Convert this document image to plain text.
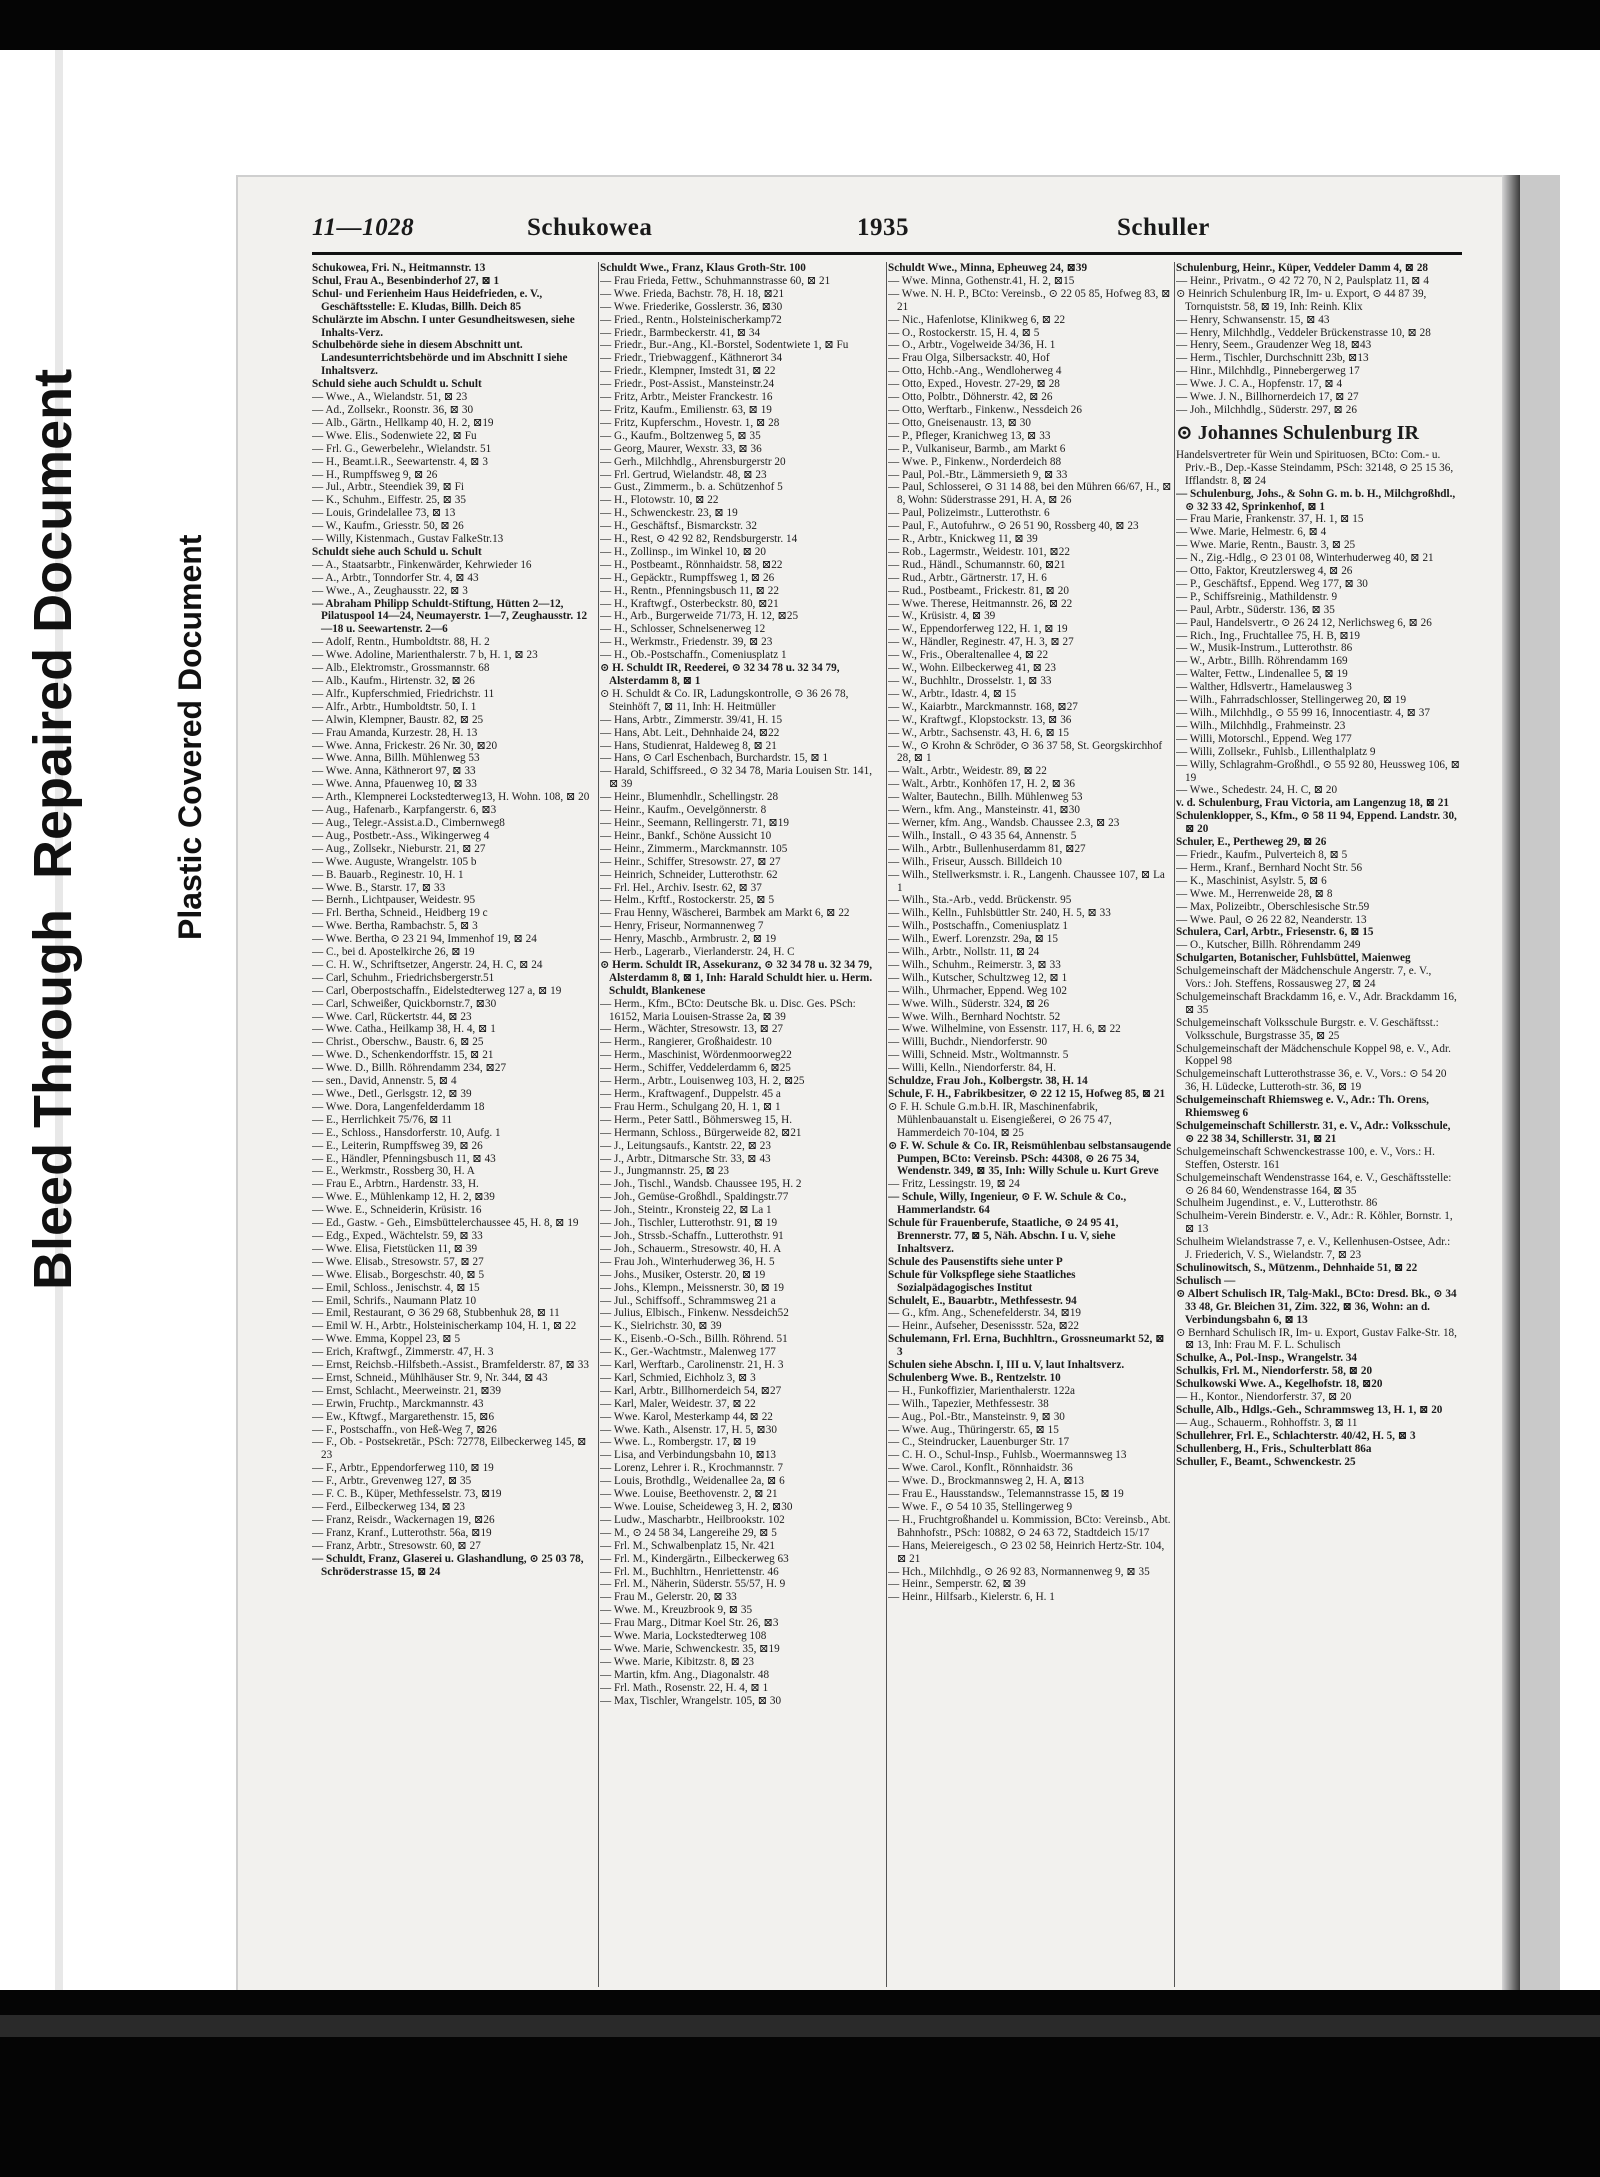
Bleed Through  Repaired Document	Plastic Covered Document
11—1028	Schukowea	1935	Schuller

Schukowea, Fri. N., Heitmannstr. 13

Schul, Frau A., Besenbinderhof 27, ⊠ 1

Schul- und Ferienheim Haus Heidefrieden, e. V., Geschäftsstelle: E. Kludas, Billh. Deich 85

Schulärzte im Abschn. I unter Gesundheitswesen, siehe Inhalts-Verz.

Schulbehörde siehe in diesem Abschnitt unt. Landesunterrichtsbehörde und im Abschnitt I siehe Inhaltsverz.

Schuld siehe auch Schuldt u. Schult

— Wwe., A., Wielandstr. 51, ⊠ 23

— Ad., Zollsekr., Roonstr. 36, ⊠ 30

— Alb., Gärtn., Hellkamp 40, H. 2, ⊠19

— Wwe. Elis., Sodenwiete 22, ⊠ Fu

— Frl. G., Gewerbelehr., Wielandstr. 51

— H., Beamt.i.R., Seewartenstr. 4, ⊠ 3

— H., Rumpffsweg 9, ⊠ 26

— Jul., Arbtr., Steendiek 39, ⊠ Fi

— K., Schuhm., Eiffestr. 25, ⊠ 35

— Louis, Grindelallee 73, ⊠ 13

— W., Kaufm., Griesstr. 50, ⊠ 26

— Willy, Kistenmach., Gustav FalkeStr.13

Schuldt siehe auch Schuld u. Schult

— A., Staatsarbtr., Finkenwärder, Kehrwieder 16

— A., Arbtr., Tonndorfer Str. 4, ⊠ 43

— Wwe., A., Zeughausstr. 22, ⊠ 3

— Abraham Philipp Schuldt-Stiftung, Hütten 2—12, Pilatuspool 14—24, Neumayerstr. 1—7, Zeughausstr. 12—18 u. Seewartenstr. 2—6

— Adolf, Rentn., Humboldtstr. 88, H. 2

— Wwe. Adoline, Marienthalerstr. 7 b, H. 1, ⊠ 23

— Alb., Elektromstr., Grossmannstr. 68

— Alb., Kaufm., Hirtenstr. 32, ⊠ 26

— Alfr., Kupferschmied, Friedrichstr. 11

— Alfr., Arbtr., Humboldtstr. 50, I. 1

— Alwin, Klempner, Baustr. 82, ⊠ 25

— Frau Amanda, Kurzestr. 28, H. 13

— Wwe. Anna, Frickestr. 26 Nr. 30, ⊠20

— Wwe. Anna, Billh. Mühlenweg 53

— Wwe. Anna, Käthnerort 97, ⊠ 33

— Wwe. Anna, Pfauenweg 10, ⊠ 33

— Arth., Klempnerei Lockstedterweg13, H. Wohn. 108, ⊠ 20

— Aug., Hafenarb., Karpfangerstr. 6, ⊠3

— Aug., Telegr.-Assist.a.D., Cimbernweg8

— Aug., Postbetr.-Ass., Wikingerweg 4

— Aug., Zollsekr., Nieburstr. 21, ⊠ 27

— Wwe. Auguste, Wrangelstr. 105 b

— B. Bauarb., Reginestr. 10, H. 1

— Wwe. B., Starstr. 17, ⊠ 33

— Bernh., Lichtpauser, Weidestr. 95

— Frl. Bertha, Schneid., Heidberg 19 c

— Wwe. Bertha, Rambachstr. 5, ⊠ 3

— Wwe. Bertha, ⊙ 23 21 94, Immenhof 19, ⊠ 24

— C., bei d. Apostelkirche 26, ⊠ 19

— C. H. W., Schriftsetzer, Angerstr. 24, H. C, ⊠ 24

— Carl, Schuhm., Friedrichsbergerstr.51

— Carl, Oberpostschaffn., Eidelstedterweg 127 a, ⊠ 19

— Carl, Schweißer, Quickbornstr.7, ⊠30

— Wwe. Carl, Rückertstr. 44, ⊠ 23

— Wwe. Catha., Heilkamp 38, H. 4, ⊠ 1

— Christ., Oberschw., Baustr. 6, ⊠ 25

— Wwe. D., Schenkendorffstr. 15, ⊠ 21

— Wwe. D., Billh. Röhrendamm 234, ⊠27

— sen., David, Annenstr. 5, ⊠ 4

— Wwe., Detl., Gerlsgstr. 12, ⊠ 39

— Wwe. Dora, Langenfelderdamm 18

— E., Herrlichkeit 75/76, ⊠ 11

— E., Schloss., Hansdorferstr. 10, Aufg. 1

— E., Leiterin, Rumpffsweg 39, ⊠ 26

— E., Händler, Pfenningsbusch 11, ⊠ 43

— E., Werkmstr., Rossberg 30, H. A

— Frau E., Arbtrn., Hardenstr. 33, H.

— Wwe. E., Mühlenkamp 12, H. 2, ⊠39

— Wwe. E., Schneiderin, Krüsistr. 16

— Ed., Gastw. - Geh., Eimsbüttelerchaussee 45, H. 8, ⊠ 19

— Edg., Exped., Wächtelstr. 59, ⊠ 33

— Wwe. Elisa, Fietstücken 11, ⊠ 39

— Wwe. Elisab., Stresowstr. 57, ⊠ 27

— Wwe. Elisab., Borgeschstr. 40, ⊠ 5

— Emil, Schloss., Jenischstr. 4, ⊠ 15

— Emil, Schrifs., Naumann Platz 10

— Emil, Restaurant, ⊙ 36 29 68, Stubbenhuk 28, ⊠ 11

— Emil W. H., Arbtr., Holsteinischerkamp 104, H. 1, ⊠ 22

— Wwe. Emma, Koppel 23, ⊠ 5

— Erich, Kraftwgf., Zimmerstr. 47, H. 3

— Ernst, Reichsb.-Hilfsbeth.-Assist., Bramfelderstr. 87, ⊠ 33

— Ernst, Schneid., Mühlhäuser Str. 9, Nr. 344, ⊠ 43

— Ernst, Schlacht., Meerweinstr. 21, ⊠39

— Erwin, Fruchtp., Marckmannstr. 43

— Ew., Kftwgf., Margarethenstr. 15, ⊠6

— F., Postschaffn., von Heß-Weg 7, ⊠26

— F., Ob. - Postsekretär., PSch: 72778, Eilbeckerweg 145, ⊠ 23

— F., Arbtr., Eppendorferweg 110, ⊠ 19

— F., Arbtr., Grevenweg 127, ⊠ 35

— F. C. B., Küper, Methfesselstr. 73, ⊠19

— Ferd., Eilbeckerweg 134, ⊠ 23

— Franz, Reisdr., Wackernagen 19, ⊠26

— Franz, Kranf., Lutterothstr. 56a, ⊠19

— Franz, Arbtr., Stresowstr. 60, ⊠ 27

— Schuldt, Franz, Glaserei u. Glashandlung, ⊙ 25 03 78, Schröderstrasse 15, ⊠ 24

Schuldt Wwe., Franz, Klaus Groth-Str. 100

— Frau Frieda, Fettw., Schuhmannstrasse 60, ⊠ 21

— Wwe. Frieda, Bachstr. 78, H. 18, ⊠21

— Wwe. Friederike, Gosslerstr. 36, ⊠30

— Fried., Rentn., Holsteinischerkamp72

— Friedr., Barmbeckerstr. 41, ⊠ 34

— Friedr., Bur.-Ang., Kl.-Borstel, Sodentwiete 1, ⊠ Fu

— Friedr., Triebwaggenf., Käthnerort 34

— Friedr., Klempner, Imstedt 31, ⊠ 22

— Friedr., Post-Assist., Mansteinstr.24

— Fritz, Arbtr., Meister Franckestr. 16

— Fritz, Kaufm., Emilienstr. 63, ⊠ 19

— Fritz, Kupferschm., Hovestr. 1, ⊠ 28

— G., Kaufm., Boltzenweg 5, ⊠ 35

— Georg, Maurer, Wexstr. 33, ⊠ 36

— Gerh., Milchhdlg., Ahrensburgerstr 20

— Frl. Gertrud, Wielandstr. 48, ⊠ 23

— Gust., Zimmerm., b. a. Schützenhof 5

— H., Flotowstr. 10, ⊠ 22

— H., Schwenckestr. 23, ⊠ 19

— H., Geschäftsf., Bismarckstr. 32

— H., Rest, ⊙ 42 92 82, Rendsburgerstr. 14

— H., Zollinsp., im Winkel 10, ⊠ 20

— H., Postbeamt., Rönnhaidstr. 58, ⊠22

— H., Gepäcktr., Rumpffsweg 1, ⊠ 26

— H., Rentn., Pfenningsbusch 11, ⊠ 22

— H., Kraftwgf., Osterbeckstr. 80, ⊠21

— H., Arb., Burgerweide 71/73, H. 12, ⊠25

— H., Schlosser, Schnelsenerweg 12

— H., Werkmstr., Friedenstr. 39, ⊠ 23

— H., Ob.-Postschaffn., Comeniusplatz 1

⊙ H. Schuldt IR, Reederei, ⊙ 32 34 78 u. 32 34 79, Alsterdamm 8, ⊠ 1

⊙ H. Schuldt & Co. IR, Ladungskontrolle, ⊙ 36 26 78, Steinhöft 7, ⊠ 11, Inh: H. Heitmüller

— Hans, Arbtr., Zimmerstr. 39/41, H. 15

— Hans, Abt. Leit., Dehnhaide 24, ⊠22

— Hans, Studienrat, Haldeweg 8, ⊠ 21

— Hans, ⊙ Carl Eschenbach, Burchardstr. 15, ⊠ 1

— Harald, Schiffsreed., ⊙ 32 34 78, Maria Louisen Str. 141, ⊠ 39

— Heinr., Blumenhdlr., Schellingstr. 28

— Heinr., Kaufm., Oevelgönnerstr. 8

— Heinr., Seemann, Rellingerstr. 71, ⊠19

— Heinr., Bankf., Schöne Aussicht 10

— Heinr., Zimmerm., Marckmannstr. 105

— Heinr., Schiffer, Stresowstr. 27, ⊠ 27

— Heinrich, Schneider, Lutterothstr. 62

— Frl. Hel., Archiv. Isestr. 62, ⊠ 37

— Helm., Krftf., Rostockerstr. 25, ⊠ 5

— Frau Henny, Wäscherei, Barmbek am Markt 6, ⊠ 22

— Henry, Friseur, Normannenweg 7

— Henry, Maschb., Armbrustr. 2, ⊠ 19

— Herb., Lagerarb., Vierlanderstr. 24, H. C

⊙ Herm. Schuldt IR, Assekuranz, ⊙ 32 34 78 u. 32 34 79, Alsterdamm 8, ⊠ 1, Inh: Harald Schuldt hier. u. Herm. Schuldt, Blankenese

— Herm., Kfm., BCto: Deutsche Bk. u. Disc. Ges. PSch: 16152, Maria Louisen-Strasse 2a, ⊠ 39

— Herm., Wächter, Stresowstr. 13, ⊠ 27

— Herm., Rangierer, Großhaidestr. 10

— Herm., Maschinist, Wördenmoorweg22

— Herm., Schiffer, Veddelerdamm 6, ⊠25

— Herm., Arbtr., Louisenweg 103, H. 2, ⊠25

— Herm., Kraftwagenf., Duppelstr. 45 a

— Frau Herm., Schulgang 20, H. 1, ⊠ 1

— Herm., Peter Sattl., Böhmersweg 15, H.

— Hermann, Schloss., Bürgerweide 82, ⊠21

— J., Leitungsaufs., Kantstr. 22, ⊠ 23

— J., Arbtr., Ditmarsche Str. 33, ⊠ 43

— J., Jungmannstr. 25, ⊠ 23

— Joh., Tischl., Wandsb. Chaussee 195, H. 2

— Joh., Gemüse-Großhdl., Spaldingstr.77

— Joh., Steintr., Kronsteig 22, ⊠ La 1

— Joh., Tischler, Lutterothstr. 91, ⊠ 19

— Joh., Strssb.-Schaffn., Lutterothstr. 91

— Joh., Schauerm., Stresowstr. 40, H. A

— Frau Joh., Winterhuderweg 36, H. 5

— Johs., Musiker, Osterstr. 20, ⊠ 19

— Johs., Klempn., Meissnerstr. 30, ⊠ 19

— Jul., Schiffsoff., Schrammsweg 21 a

— Julius, Elbisch., Finkenw. Nessdeich52

— K., Sielrichstr. 30, ⊠ 39

— K., Eisenb.-O-Sch., Billh. Röhrend. 51

— K., Ger.-Wachtmstr., Malenweg 177

— Karl, Werftarb., Carolinenstr. 21, H. 3

— Karl, Schmied, Eichholz 3, ⊠ 3

— Karl, Arbtr., Billhornerdeich 54, ⊠27

— Karl, Maler, Weidestr. 37, ⊠ 22

— Wwe. Karol, Mesterkamp 44, ⊠ 22

— Wwe. Kath., Alsenstr. 17, H. 5, ⊠30

— Wwe. L., Rombergstr. 17, ⊠ 19

— Lisa, and Verbindungsbahn 10, ⊠13

— Lorenz, Lehrer i. R., Krochmannstr. 7

— Louis, Brothdlg., Weidenallee 2a, ⊠ 6

— Wwe. Louise, Beethovenstr. 2, ⊠ 21

— Wwe. Louise, Scheideweg 3, H. 2, ⊠30

— Ludw., Mascharbtr., Heilbrookstr. 102

— M., ⊙ 24 58 34, Langereihe 29, ⊠ 5

— Frl. M., Schwalbenplatz 15, Nr. 421

— Frl. M., Kindergärtn., Eilbeckerweg 63

— Frl. M., Buchhltrn., Henriettenstr. 46

— Frl. M., Näherin, Süderstr. 55/57, H. 9

— Frau M., Gelerstr. 20, ⊠ 33

— Wwe. M., Kreuzbrook 9, ⊠ 35

— Frau Marg., Ditmar Koel Str. 26, ⊠3

— Wwe. Maria, Lockstedterweg 108

— Wwe. Marie, Schwenckestr. 35, ⊠19

— Wwe. Marie, Kibitzstr. 8, ⊠ 23

— Martin, kfm. Ang., Diagonalstr. 48

— Frl. Math., Rosenstr. 22, H. 4, ⊠ 1

— Max, Tischler, Wrangelstr. 105, ⊠ 30

Schuldt Wwe., Minna, Epheuweg 24, ⊠39

— Wwe. Minna, Gothenstr.41, H. 2, ⊠15

— Wwe. N. H. P., BCto: Vereinsb., ⊙ 22 05 85, Hofweg 83, ⊠ 21

— Nic., Hafenlotse, Klinikweg 6, ⊠ 22

— O., Rostockerstr. 15, H. 4, ⊠ 5

— O., Arbtr., Vogelweide 34/36, H. 1

— Frau Olga, Silbersackstr. 40, Hof

— Otto, Hchb.-Ang., Wendloherweg 4

— Otto, Exped., Hovestr. 27-29, ⊠ 28

— Otto, Polbtr., Döhnerstr. 42, ⊠ 26

— Otto, Werftarb., Finkenw., Nessdeich 26

— Otto, Gneisenaustr. 13, ⊠ 30

— P., Pfleger, Kranichweg 13, ⊠ 33

— P., Vulkaniseur, Barmb., am Markt 6

— Wwe. P., Finkenw., Norderdeich 88

— Paul, Pol.-Btr., Lämmersieth 9, ⊠ 33

— Paul, Schlosserei, ⊙ 31 14 88, bei den Mühren 66/67, H., ⊠ 8, Wohn: Süderstrasse 291, H. A, ⊠ 26

— Paul, Polizeimstr., Lutterothstr. 6

— Paul, F., Autofuhrw., ⊙ 26 51 90, Rossberg 40, ⊠ 23

— R., Arbtr., Knickweg 11, ⊠ 39

— Rob., Lagermstr., Weidestr. 101, ⊠22

— Rud., Händl., Schumannstr. 60, ⊠21

— Rud., Arbtr., Gärtnerstr. 17, H. 6

— Rud., Postbeamt., Frickestr. 81, ⊠ 20

— Wwe. Therese, Heitmannstr. 26, ⊠ 22

— W., Krüsistr. 4, ⊠ 39

— W., Eppendorferweg 122, H. 1, ⊠ 19

— W., Händler, Reginestr. 47, H. 3, ⊠ 27

— W., Fris., Oberaltenallee 4, ⊠ 22

— W., Wohn. Eilbeckerweg 41, ⊠ 23

— W., Buchhltr., Drosselstr. 1, ⊠ 33

— W., Arbtr., Idastr. 4, ⊠ 15

— W., Kaiarbtr., Marckmannstr. 168, ⊠27

— W., Kraftwgf., Klopstockstr. 13, ⊠ 36

— W., Arbtr., Sachsenstr. 43, H. 6, ⊠ 15

— W., ⊙ Krohn & Schröder, ⊙ 36 37 58, St. Georgskirchhof 28, ⊠ 1

— Walt., Arbtr., Weidestr. 89, ⊠ 22

— Walt., Arbtr., Konhöfen 17, H. 2, ⊠ 36

— Walter, Bautechn., Billh. Mühlenweg 53

— Wern., kfm. Ang., Mansteinstr. 41, ⊠30

— Werner, kfm. Ang., Wandsb. Chaussee 2.3, ⊠ 23

— Wilh., Install., ⊙ 43 35 64, Annenstr. 5

— Wilh., Arbtr., Bullenhuserdamm 81, ⊠27

— Wilh., Friseur, Aussch. Billdeich 10

— Wilh., Stellwerksmstr. i. R., Langenh. Chaussee 107, ⊠ La 1

— Wilh., Sta.-Arb., vedd. Brückenstr. 95

— Wilh., Kelln., Fuhlsbüttler Str. 240, H. 5, ⊠ 33

— Wilh., Postschaffn., Comeniusplatz 1

— Wilh., Ewerf. Lorenzstr. 29a, ⊠ 15

— Wilh., Arbtr., Nollstr. 11, ⊠ 24

— Wilh., Schuhm., Reimerstr. 3, ⊠ 33

— Wilh., Kutscher, Schultzweg 12, ⊠ 1

— Wilh., Uhrmacher, Eppend. Weg 102

— Wwe. Wilh., Süderstr. 324, ⊠ 26

— Wwe. Wilh., Bernhard Nochtstr. 52

— Wwe. Wilhelmine, von Essenstr. 117, H. 6, ⊠ 22

— Willi, Buchdr., Niendorferstr. 90

— Willi, Schneid. Mstr., Woltmannstr. 5

— Willi, Kelln., Niendorferstr. 84, H.

Schuldze, Frau Joh., Kolbergstr. 38, H. 14

Schule, F. H., Fabrikbesitzer, ⊙ 22 12 15, Hofweg 85, ⊠ 21

⊙ F. H. Schule G.m.b.H. IR, Maschinenfabrik, Mühlenbauanstalt u. Eisengießerei, ⊙ 26 75 47, Hammerdeich 70-104, ⊠ 25

⊙ F. W. Schule & Co. IR, Reismühlenbau selbstansaugende Pumpen, BCto: Vereinsb. PSch: 44308, ⊙ 26 75 34, Wendenstr. 349, ⊠ 35, Inh: Willy Schule u. Kurt Greve

— Fritz, Lessingstr. 19, ⊠ 24

— Schule, Willy, Ingenieur, ⊙ F. W. Schule & Co., Hammerlandstr. 64

Schule für Frauenberufe, Staatliche, ⊙ 24 95 41, Brennerstr. 77, ⊠ 5, Näh. Abschn. I u. V, siehe Inhaltsverz.

Schule des Pausenstifts siehe unter P

Schule für Volkspflege siehe Staatliches Sozialpädagogisches Institut

Schulelt, E., Bauarbtr., Methfessestr. 94

— G., kfm. Ang., Schenefelderstr. 34, ⊠19

— Heinr., Aufseher, Desenissstr. 52a, ⊠22

Schulemann, Frl. Erna, Buchhltrn., Grossneumarkt 52, ⊠ 3

Schulen siehe Abschn. I, III u. V, laut Inhaltsverz.

Schulenberg Wwe. B., Rentzelstr. 10

— H., Funkoffizier, Marienthalerstr. 122a

— Wilh., Tapezier, Methfessestr. 38

— Aug., Pol.-Btr., Mansteinstr. 9, ⊠ 30

— Wwe. Aug., Thüringerstr. 65, ⊠ 15

— C., Steindrucker, Lauenburger Str. 17

— C. H. O., Schul-Insp., Fuhlsb., Woermannsweg 13

— Wwe. Carol., Konflt., Rönnhaidstr. 36

— Wwe. D., Brockmannsweg 2, H. A, ⊠13

— Frau E., Hausstandsw., Telemannstrasse 15, ⊠ 19

— Wwe. F., ⊙ 54 10 35, Stellingerweg 9

— H., Fruchtgroßhandel u. Kommission, BCto: Vereinsb., Abt. Bahnhofstr., PSch: 10882, ⊙ 24 63 72, Stadtdeich 15/17

— Hans, Meiereigesch., ⊙ 23 02 58, Heinrich Hertz-Str. 104, ⊠ 21

— Hch., Milchhdlg., ⊙ 26 92 83, Normannenweg 9, ⊠ 35

— Heinr., Semperstr. 62, ⊠ 39

— Heinr., Hilfsarb., Kielerstr. 6, H. 1

Schulenburg, Heinr., Küper, Veddeler Damm 4, ⊠ 28

— Heinr., Privatm., ⊙ 42 72 70, N 2, Paulsplatz 11, ⊠ 4

⊙ Heinrich Schulenburg IR, Im- u. Export, ⊙ 44 87 39, Tornquiststr. 58, ⊠ 19, Inh: Reinh. Klix

— Henry, Schwansenstr. 15, ⊠ 43

— Henry, Milchhdlg., Veddeler Brückenstrasse 10, ⊠ 28

— Henry, Seem., Graudenzer Weg 18, ⊠43

— Herm., Tischler, Durchschnitt 23b, ⊠13

— Hinr., Milchhdlg., Pinnebergerweg 17

— Wwe. J. C. A., Hopfenstr. 17, ⊠ 4

— Wwe. J. N., Billhornerdeich 17, ⊠ 27

— Joh., Milchhdlg., Süderstr. 297, ⊠ 26

⊙ Johannes Schulenburg IR

Handelsvertreter für Wein und Spirituosen, BCto: Com.- u. Priv.-B., Dep.-Kasse Steindamm, PSch: 32148, ⊙ 25 15 36, Ifflandstr. 8, ⊠ 24

— Schulenburg, Johs., & Sohn G. m. b. H., Milchgroßhdl., ⊙ 32 33 42, Sprinkenhof, ⊠ 1

— Frau Marie, Frankenstr. 37, H. 1, ⊠ 15

— Wwe. Marie, Helmestr. 6, ⊠ 4

— Wwe. Marie, Rentn., Baustr. 3, ⊠ 25

— N., Zig.-Hdlg., ⊙ 23 01 08, Winterhuderweg 40, ⊠ 21

— Otto, Faktor, Kreutzlersweg 4, ⊠ 26

— P., Geschäftsf., Eppend. Weg 177, ⊠ 30

— P., Schiffsreinig., Mathildenstr. 9

— Paul, Arbtr., Süderstr. 136, ⊠ 35

— Paul, Handelsvertr., ⊙ 26 24 12, Nerlichsweg 6, ⊠ 26

— Rich., Ing., Fruchtallee 75, H. B, ⊠19

— W., Musik-Instrum., Lutterothstr. 86

— W., Arbtr., Billh. Röhrendamm 169

— Walter, Fettw., Lindenallee 5, ⊠ 19

— Walther, Hdlsvertr., Hamelausweg 3

— Wilh., Fahrradschlosser, Stellingerweg 20, ⊠ 19

— Wilh., Milchhdlg., ⊙ 55 99 16, Innocentiastr. 4, ⊠ 37

— Wilh., Milchhdlg., Frahmeinstr. 23

— Willi, Motorschl., Eppend. Weg 177

— Willi, Zollsekr., Fuhlsb., Lillenthalplatz 9

— Willy, Schlagrahm-Großhdl., ⊙ 55 92 80, Heussweg 106, ⊠ 19

— Wwe., Schedestr. 24, H. C, ⊠ 20

v. d. Schulenburg, Frau Victoria, am Langenzug 18, ⊠ 21

Schulenklopper, S., Kfm., ⊙ 58 11 94, Eppend. Landstr. 30, ⊠ 20

Schuler, E., Pertheweg 29, ⊠ 26

— Friedr., Kaufm., Pulverteich 8, ⊠ 5

— Herm., Kranf., Bernhard Nocht Str. 56

— K., Maschinist, Asylstr. 5, ⊠ 6

— Wwe. M., Herrenweide 28, ⊠ 8

— Max, Polizeibtr., Oberschlesische Str.59

— Wwe. Paul, ⊙ 26 22 82, Neanderstr. 13

Schulera, Carl, Arbtr., Friesenstr. 6, ⊠ 15

— O., Kutscher, Billh. Röhrendamm 249

Schulgarten, Botanischer, Fuhlsbüttel, Maienweg

Schulgemeinschaft der Mädchenschule Angerstr. 7, e. V., Vors.: Joh. Steffens, Rossausweg 27, ⊠ 24

Schulgemeinschaft Brackdamm 16, e. V., Adr. Brackdamm 16, ⊠ 35

Schulgemeinschaft Volksschule Burgstr. e. V. Geschäftsst.: Volksschule, Burgstrasse 35, ⊠ 25

Schulgemeinschaft der Mädchenschule Koppel 98, e. V., Adr. Koppel 98

Schulgemeinschaft Lutterothstrasse 36, e. V., Vors.: ⊙ 54 20 36, H. Lüdecke, Lutteroth-str. 36, ⊠ 19

Schulgemeinschaft Rhiemsweg e. V., Adr.: Th. Orens, Rhiemsweg 6

Schulgemeinschaft Schillerstr. 31, e. V., Adr.: Volksschule, ⊙ 22 38 34, Schillerstr. 31, ⊠ 21

Schulgemeinschaft Schwenckestrasse 100, e. V., Vors.: H. Steffen, Osterstr. 161

Schulgemeinschaft Wendenstrasse 164, e. V., Geschäftsstelle: ⊙ 26 84 60, Wendenstrasse 164, ⊠ 35

Schulheim Jugendinst., e. V., Lutterothstr. 86

Schulheim-Verein Binderstr. e. V., Adr.: R. Köhler, Bornstr. 1, ⊠ 13

Schulheim Wielandstrasse 7, e. V., Kellenhusen-Ostsee, Adr.: J. Friederich, V. S., Wielandstr. 7, ⊠ 23

Schulinowitsch, S., Mützenm., Dehnhaide 51, ⊠ 22

Schulisch —

⊙ Albert Schulisch IR, Talg-Makl., BCto: Dresd. Bk., ⊙ 34 33 48, Gr. Bleichen 31, Zim. 322, ⊠ 36, Wohn: an d. Verbindungsbahn 6, ⊠ 13

⊙ Bernhard Schulisch IR, Im- u. Export, Gustav Falke-Str. 18, ⊠ 13, Inh: Frau M. F. L. Schulisch

Schulke, A., Pol.-Insp., Wrangelstr. 34

Schulkis, Frl. M., Niendorferstr. 58, ⊠ 20

Schulkowski Wwe. A., Kegelhofstr. 18, ⊠20

— H., Kontor., Niendorferstr. 37, ⊠ 20

Schulle, Alb., Hdlgs.-Geh., Schrammsweg 13, H. 1, ⊠ 20

— Aug., Schauerm., Rohhoffstr. 3, ⊠ 11

Schullehrer, Frl. E., Schlachterstr. 40/42, H. 5, ⊠ 3

Schullenberg, H., Fris., Schulterblatt 86a

Schuller, F., Beamt., Schwenckestr. 25
